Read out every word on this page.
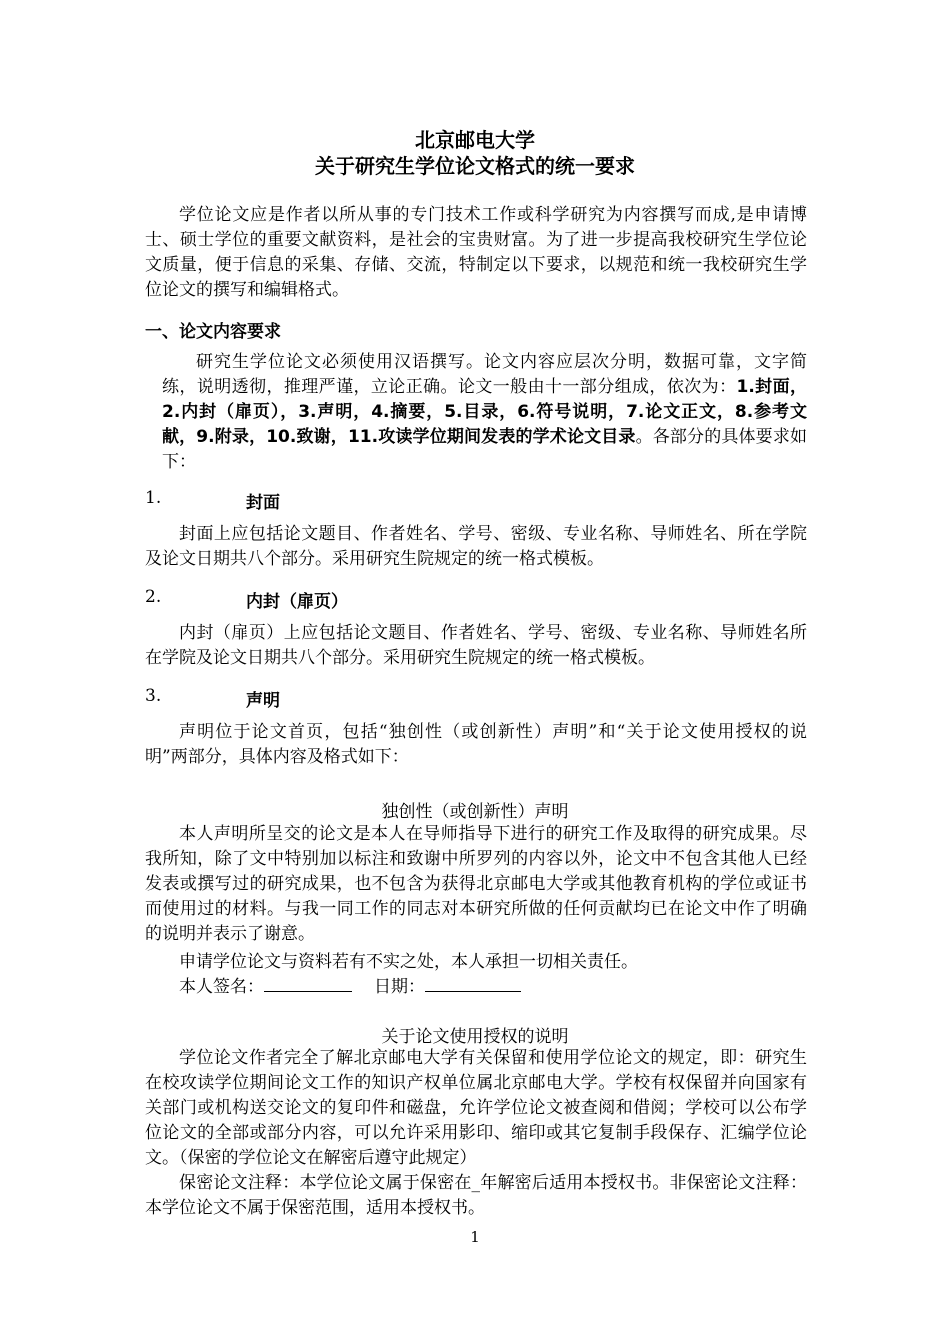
北京邮电大学
关于研究生学位论文格式的统一要求
学位论文应是作者以所从事的专门技术工作或科学研究为内容撰写而成,是申请博士、硕士学位的重要文献资料，是社会的宝贵财富。为了进一步提高我校研究生学位论文质量，便于信息的采集、存储、交流，特制定以下要求，以规范和统一我校研究生学位论文的撰写和编辑格式。
一、论文内容要求
研究生学位论文必须使用汉语撰写。论文内容应层次分明，数据可靠，文字简练，说明透彻，推理严谨，立论正确。论文一般由十一部分组成，依次为：1.封面，2.内封（扉页），3.声明，4.摘要，5.目录，6.符号说明，7.论文正文，8.参考文献，9.附录，10.致谢，11.攻读学位期间发表的学术论文目录。各部分的具体要求如下：
1.	封面
封面上应包括论文题目、作者姓名、学号、密级、专业名称、导师姓名、所在学院及论文日期共八个部分。采用研究生院规定的统一格式模板。
2.	内封（扉页）
内封（扉页）上应包括论文题目、作者姓名、学号、密级、专业名称、导师姓名所在学院及论文日期共八个部分。采用研究生院规定的统一格式模板。
3.	声明
声明位于论文首页，包括“独创性（或创新性）声明”和“关于论文使用授权的说明”两部分，具体内容及格式如下：
独创性（或创新性）声明
本人声明所呈交的论文是本人在导师指导下进行的研究工作及取得的研究成果。尽我所知，除了文中特别加以标注和致谢中所罗列的内容以外，论文中不包含其他人已经发表或撰写过的研究成果，也不包含为获得北京邮电大学或其他教育机构的学位或证书而使用过的材料。与我一同工作的同志对本研究所做的任何贡献均已在论文中作了明确的说明并表示了谢意。
申请学位论文与资料若有不实之处，本人承担一切相关责任。
本人签名：	日期：
关于论文使用授权的说明
学位论文作者完全了解北京邮电大学有关保留和使用学位论文的规定，即：研究生在校攻读学位期间论文工作的知识产权单位属北京邮电大学。学校有权保留并向国家有关部门或机构送交论文的复印件和磁盘，允许学位论文被查阅和借阅；学校可以公布学位论文的全部或部分内容，可以允许采用影印、缩印或其它复制手段保存、汇编学位论文。（保密的学位论文在解密后遵守此规定）
保密论文注释：本学位论文属于保密在_年解密后适用本授权书。非保密论文注释：本学位论文不属于保密范围，适用本授权书。
1
